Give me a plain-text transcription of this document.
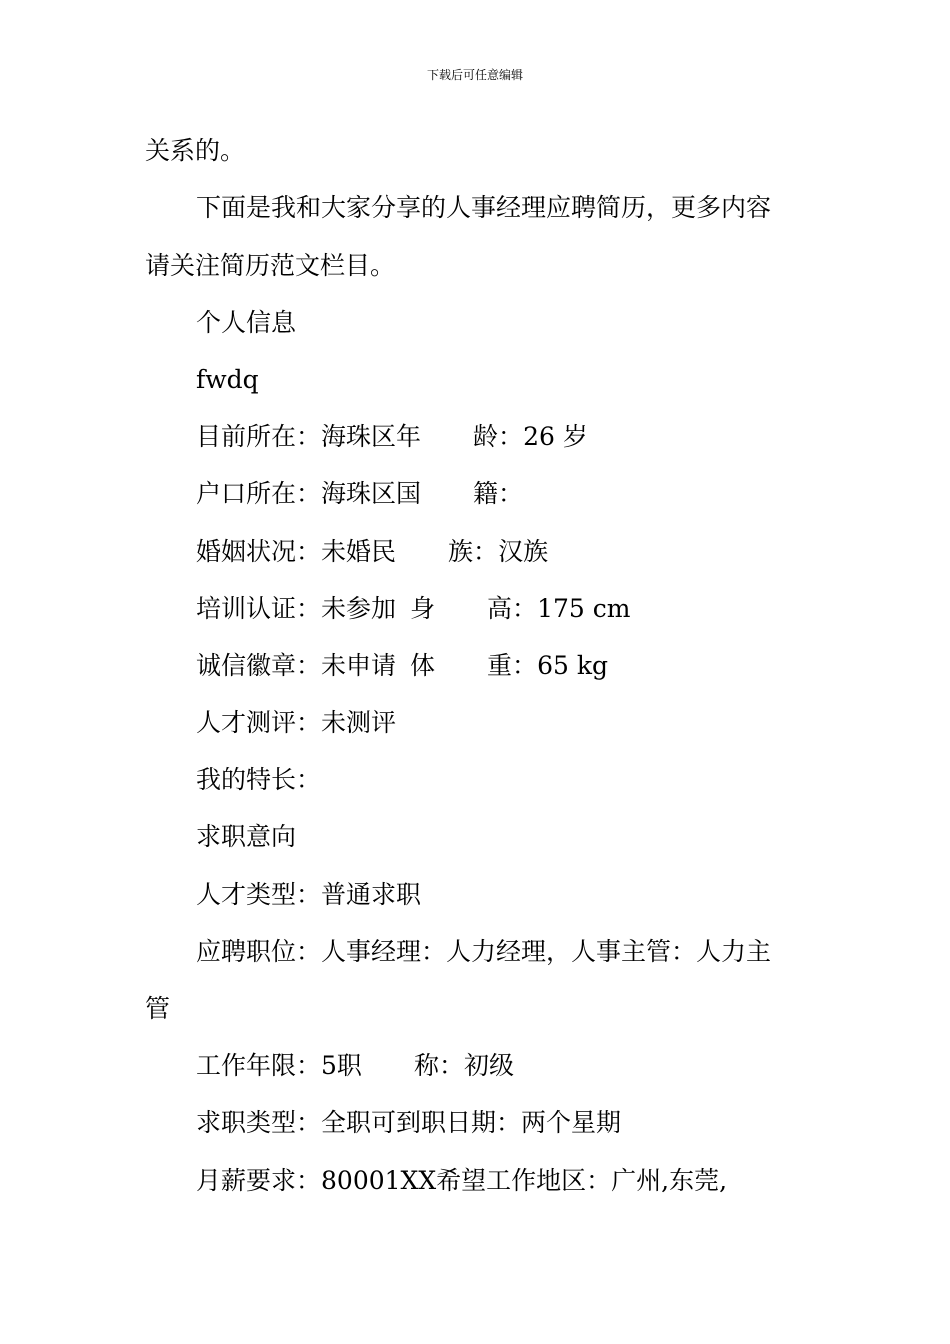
下载后可任意编辑
关系的。
下面是我和大家分享的人事经理应聘简历，更多内容
请关注简历范文栏目。
个人信息
fwdq
目前所在：海珠区年 龄：26 岁
户口所在：海珠区国 籍：
婚姻状况：未婚民 族：汉族
培训认证：未参加 身 高：175 cm
诚信徽章：未申请 体 重：65 kg
人才测评：未测评
我的特长：
求职意向
人才类型：普通求职
应聘职位：人事经理：人力经理，人事主管：人力主
管
工作年限：5职 称：初级
求职类型：全职可到职日期：两个星期
月薪要求：80001XX希望工作地区：广州,东莞,
